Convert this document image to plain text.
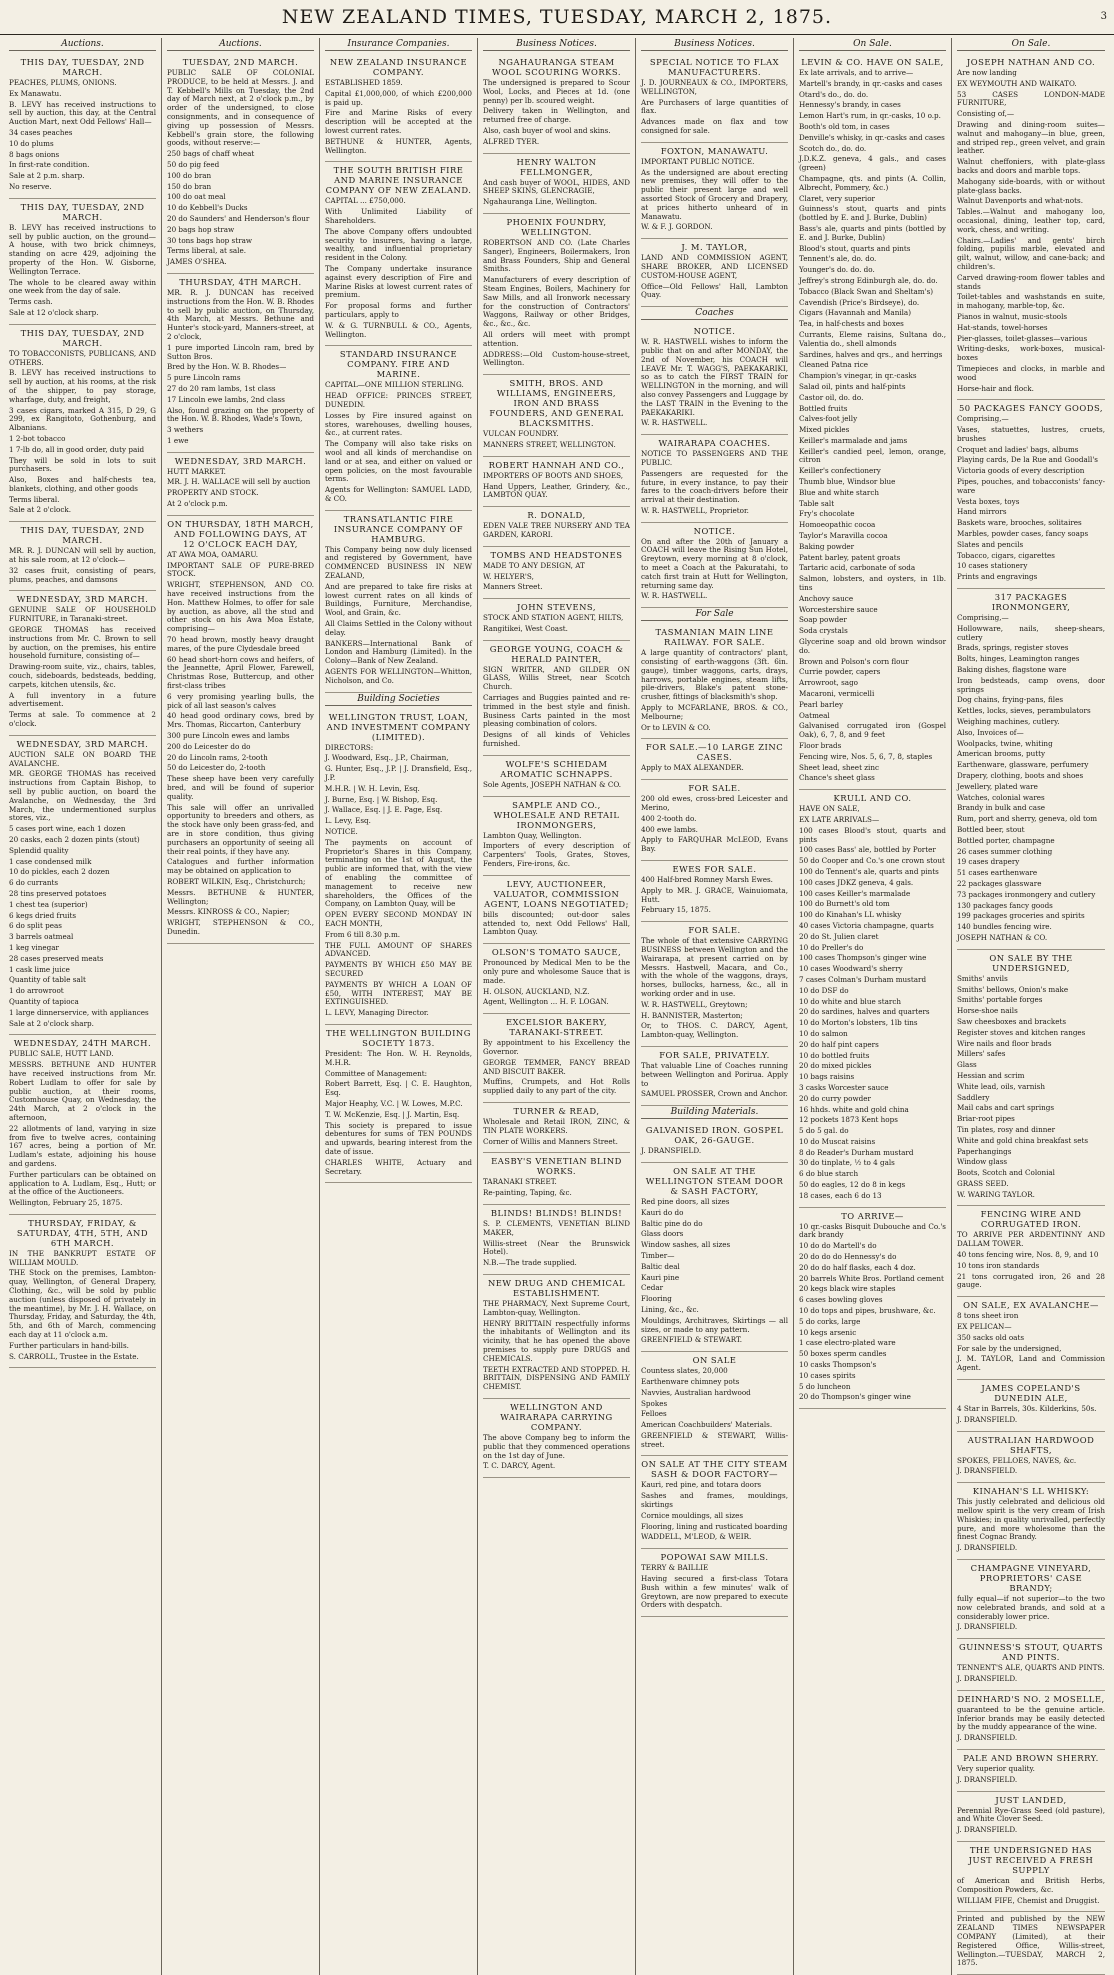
NEW ZEALAND TIMES, TUESDAY, MARCH 2, 1875.	3
Auctions.
THIS DAY, TUESDAY, 2ND MARCH.

PEACHES, PLUMS, ONIONS.

Ex Manawatu.

B. LEVY has received instructions to sell by auction, this day, at the Central Auction Mart, next Odd Fellows' Hall—

34 cases peaches

10 do plums

8 bags onions

In first-rate condition.

Sale at 2 p.m. sharp.

No reserve.

THIS DAY, TUESDAY, 2ND MARCH.

B. LEVY has received instructions to sell by public auction, on the ground— A house, with two brick chimneys, standing on acre 429, adjoining the property of the Hon. W. Gisborne, Wellington Terrace.

The whole to be cleared away within one week from the day of sale.

Terms cash.

Sale at 12 o'clock sharp.

THIS DAY, TUESDAY, 2ND MARCH.

TO TOBACCONISTS, PUBLICANS, AND OTHERS.

B. LEVY has received instructions to sell by auction, at his rooms, at the risk of the shipper, to pay storage, wharfage, duty, and freight,

3 cases cigars, marked A 315, D 29, G 299, ex Rangitoto, Gothenburg, and Albanians.

1 2-bot tobacco

1 7-lb do, all in good order, duty paid

They will be sold in lots to suit purchasers.

Also, Boxes and half-chests tea, blankets, clothing, and other goods

Terms liberal.

Sale at 2 o'clock.

THIS DAY, TUESDAY, 2ND MARCH.

MR. R. J. DUNCAN will sell by auction, at his sale room, at 12 o'clock—

32 cases fruit, consisting of pears, plums, peaches, and damsons

WEDNESDAY, 3RD MARCH.

GENUINE SALE OF HOUSEHOLD FURNITURE, in Taranaki-street.

GEORGE THOMAS has received instructions from Mr. C. Brown to sell by auction, on the premises, his entire household furniture, consisting of—

Drawing-room suite, viz., chairs, tables, couch, sideboards, bedsteads, bedding, carpets, kitchen utensils, &c.

A full inventory in a future advertisement.

Terms at sale. To commence at 2 o'clock.

WEDNESDAY, 3RD MARCH.

AUCTION SALE ON BOARD THE AVALANCHE.

MR. GEORGE THOMAS has received instructions from Captain Bishop, to sell by public auction, on board the Avalanche, on Wednesday, the 3rd March, the undermentioned surplus stores, viz.,

5 cases port wine, each 1 dozen

20 casks, each 2 dozen pints (stout)

Splendid quality

1 case condensed milk

10 do pickles, each 2 dozen

6 do currants

28 tins preserved potatoes

1 chest tea (superior)

6 kegs dried fruits

6 do split peas

3 barrels oatmeal

1 keg vinegar

28 cases preserved meats

1 cask lime juice

Quantity of table salt

1 do arrowroot

Quantity of tapioca

1 large dinnerservice, with appliances

Sale at 2 o'clock sharp.

WEDNESDAY, 24TH MARCH.

PUBLIC SALE, HUTT LAND.

MESSRS. BETHUNE AND HUNTER have received instructions from Mr. Robert Ludlam to offer for sale by public auction, at their rooms, Customhouse Quay, on Wednesday, the 24th March, at 2 o'clock in the afternoon,

22 allotments of land, varying in size from five to twelve acres, containing 167 acres, being a portion of Mr. Ludlam's estate, adjoining his house and gardens.

Further particulars can be obtained on application to A. Ludlam, Esq., Hutt; or at the office of the Auctioneers.

Wellington, February 25, 1875.

THURSDAY, FRIDAY, & SATURDAY, 4TH, 5TH, AND 6TH MARCH.

IN THE BANKRUPT ESTATE OF WILLIAM MOULD.

THE Stock on the premises, Lambton-quay, Wellington, of General Drapery, Clothing, &c., will be sold by public auction (unless disposed of privately in the meantime), by Mr. J. H. Wallace, on Thursday, Friday, and Saturday, the 4th, 5th, and 6th of March, commencing each day at 11 o'clock a.m.

Further particulars in hand-bills.

S. CARROLL, Trustee in the Estate.

Auctions.
TUESDAY, 2ND MARCH.

PUBLIC SALE OF COLONIAL PRODUCE, to be held at Messrs. J. and T. Kebbell's Mills on Tuesday, the 2nd day of March next, at 2 o'clock p.m., by order of the undersigned, to close consignments, and in consequence of giving up possession of Messrs. Kebbell's grain store, the following goods, without reserve:—

250 bags of chaff wheat

50 do pig feed

100 do bran

150 do bran

100 do oat meal

10 do Kebbell's Ducks

20 do Saunders' and Henderson's flour

20 bags hop straw

30 tons bags hop straw

Terms liberal, at sale.

JAMES O'SHEA.

THURSDAY, 4TH MARCH.

MR. R. J. DUNCAN has received instructions from the Hon. W. B. Rhodes to sell by public auction, on Thursday, 4th March, at Messrs. Bethune and Hunter's stock-yard, Manners-street, at 2 o'clock,

1 pure imported Lincoln ram, bred by Sutton Bros.

Bred by the Hon. W. B. Rhodes—

5 pure Lincoln rams

27 do 20 ram lambs, 1st class

17 Lincoln ewe lambs, 2nd class

Also, found grazing on the property of the Hon. W. B. Rhodes, Wade's Town,

3 wethers

1 ewe

WEDNESDAY, 3RD MARCH.

HUTT MARKET.

MR. J. H. WALLACE will sell by auction

PROPERTY AND STOCK.

At 2 o'clock p.m.

ON THURSDAY, 18TH MARCH, AND FOLLOWING DAYS, AT 12 O'CLOCK EACH DAY,

AT AWA MOA, OAMARU.

IMPORTANT SALE OF PURE-BRED STOCK.

WRIGHT, STEPHENSON, AND CO. have received instructions from the Hon. Matthew Holmes, to offer for sale by auction, as above, all the stud and other stock on his Awa Moa Estate, comprising—

70 head brown, mostly heavy draught mares, of the pure Clydesdale breed

60 head short-horn cows and heifers, of the Jeannette, April Flower, Farewell, Christmas Rose, Buttercup, and other first-class tribes

6 very promising yearling bulls, the pick of all last season's calves

40 head good ordinary cows, bred by Mrs. Thomas, Riccarton, Canterbury

300 pure Lincoln ewes and lambs

200 do Leicester do do

20 do Lincoln rams, 2-tooth

50 do Leicester do, 2-tooth

These sheep have been very carefully bred, and will be found of superior quality.

This sale will offer an unrivalled opportunity to breeders and others, as the stock have only been grass-fed, and are in store condition, thus giving purchasers an opportunity of seeing all their real points, if they have any.

Catalogues and further information may be obtained on application to

ROBERT WILKIN, Esq., Christchurch;

Messrs. BETHUNE & HUNTER, Wellington;

Messrs. KINROSS & CO., Napier;

WRIGHT, STEPHENSON & CO., Dunedin.

Insurance Companies.
NEW ZEALAND INSURANCE COMPANY.

ESTABLISHED 1859.

Capital £1,000,000, of which £200,000 is paid up.

Fire and Marine Risks of every description will be accepted at the lowest current rates.

BETHUNE & HUNTER, Agents, Wellington.

THE SOUTH BRITISH FIRE AND MARINE INSURANCE COMPANY OF NEW ZEALAND.

CAPITAL ... £750,000.

With Unlimited Liability of Shareholders.

The above Company offers undoubted security to insurers, having a large, wealthy, and influential proprietary resident in the Colony.

The Company undertake insurance against every description of Fire and Marine Risks at lowest current rates of premium.

For proposal forms and further particulars, apply to

W. & G. TURNBULL & CO., Agents, Wellington.

STANDARD INSURANCE COMPANY. FIRE AND MARINE.

CAPITAL—ONE MILLION STERLING.

HEAD OFFICE: PRINCES STREET, DUNEDIN.

Losses by Fire insured against on stores, warehouses, dwelling houses, &c., at current rates.

The Company will also take risks on wool and all kinds of merchandise on land or at sea, and either on valued or open policies, on the most favourable terms.

Agents for Wellington: SAMUEL LADD, & CO.

TRANSATLANTIC FIRE INSURANCE COMPANY OF HAMBURG.

This Company being now duly licensed and registered by Government, have COMMENCED BUSINESS IN NEW ZEALAND,

And are prepared to take fire risks at lowest current rates on all kinds of Buildings, Furniture, Merchandise, Wool, and Grain, &c.

All Claims Settled in the Colony without delay.

BANKERS—International Bank of London and Hamburg (Limited). In the Colony—Bank of New Zealand.

AGENTS FOR WELLINGTON—Whitton, Nicholson, and Co.

Building Societies
WELLINGTON TRUST, LOAN, AND INVESTMENT COMPANY (LIMITED).

DIRECTORS:

J. Woodward, Esq., J.P., Chairman,

G. Hunter, Esq., J.P. | J. Dransfield, Esq., J.P.

M.H.R. | W. H. Levin, Esq.

J. Burne, Esq. | W. Bishop, Esq.

J. Wallace, Esq. | J. E. Page, Esq.

L. Levy, Esq.

NOTICE.

The payments on account of Proprietor's Shares in this Company, terminating on the 1st of August, the public are informed that, with the view of enabling the committee of management to receive new shareholders, the Offices of the Company, on Lambton Quay, will be

OPEN EVERY SECOND MONDAY IN EACH MONTH,

From 6 till 8.30 p.m.

THE FULL AMOUNT OF SHARES ADVANCED.

PAYMENTS BY WHICH £50 MAY BE SECURED

PAYMENTS BY WHICH A LOAN OF £50, WITH INTEREST, MAY BE EXTINGUISHED.

L. LEVY, Managing Director.

THE WELLINGTON BUILDING SOCIETY 1873.

President: The Hon. W. H. Reynolds, M.H.R.

Committee of Management:

Robert Barrett, Esq. | C. E. Haughton, Esq.

Major Heaphy, V.C. | W. Lowes, M.P.C.

T. W. McKenzie, Esq. | J. Martin, Esq.

This society is prepared to issue debentures for sums of TEN POUNDS and upwards, bearing interest from the date of issue.

CHARLES WHITE, Actuary and Secretary.

Business Notices.
NGAHAURANGA STEAM WOOL SCOURING WORKS.

The undersigned is prepared to Scour Wool, Locks, and Pieces at 1d. (one penny) per lb. scoured weight.

Delivery taken in Wellington, and returned free of charge.

Also, cash buyer of wool and skins.

ALFRED TYER.

HENRY WALTON FELLMONGER,

And cash buyer of WOOL, HIDES, AND SHEEP SKINS, GLENCRAGIE,

Ngahauranga Line, Wellington.

PHOENIX FOUNDRY, WELLINGTON.

ROBERTSON AND CO. (Late Charles Sanger), Engineers, Boilermakers, Iron and Brass Founders, Ship and General Smiths.

Manufacturers of every description of Steam Engines, Boilers, Machinery for Saw Mills, and all Ironwork necessary for the construction of Contractors' Waggons, Railway or other Bridges, &c., &c., &c.

All orders will meet with prompt attention.

ADDRESS:—Old Custom-house-street, Wellington.

SMITH, BROS. AND WILLIAMS, ENGINEERS, IRON AND BRASS FOUNDERS, AND GENERAL BLACKSMITHS.

VULCAN FOUNDRY.

MANNERS STREET, WELLINGTON.

ROBERT HANNAH AND CO.,

IMPORTERS OF BOOTS AND SHOES,

Hand Uppers, Leather, Grindery, &c., LAMBTON QUAY.

R. DONALD,

EDEN VALE TREE NURSERY AND TEA GARDEN, KARORI.

TOMBS AND HEADSTONES

MADE TO ANY DESIGN, AT

W. HELYER'S,

Manners Street.

JOHN STEVENS,

STOCK AND STATION AGENT, HILTS,

Rangitikei, West Coast.

GEORGE YOUNG, COACH & HERALD PAINTER,

SIGN WRITER, AND GILDER ON GLASS, Willis Street, near Scotch Church.

Carriages and Buggies painted and re-trimmed in the best style and finish. Business Carts painted in the most pleasing combination of colors.

Designs of all kinds of Vehicles furnished.

WOLFE'S SCHIEDAM AROMATIC SCHNAPPS.

Sole Agents, JOSEPH NATHAN & CO.

SAMPLE AND CO., WHOLESALE AND RETAIL IRONMONGERS,

Lambton Quay, Wellington.

Importers of every description of Carpenters' Tools, Grates, Stoves, Fenders, Fire-irons, &c.

LEVY, AUCTIONEER, VALUATOR, COMMISSION AGENT, LOANS NEGOTIATED;

bills discounted; out-door sales attended to, next Odd Fellows' Hall, Lambton Quay.

OLSON'S TOMATO SAUCE,

Pronounced by Medical Men to be the only pure and wholesome Sauce that is made.

H. OLSON, AUCKLAND, N.Z.

Agent, Wellington ... H. F. LOGAN.

EXCELSIOR BAKERY, TARANAKI-STREET.

By appointment to his Excellency the Governor.

GEORGE TEMMER, FANCY BREAD AND BISCUIT BAKER.

Muffins, Crumpets, and Hot Rolls supplied daily to any part of the city.

TURNER & READ,

Wholesale and Retail IRON, ZINC, & TIN PLATE WORKERS.

Corner of Willis and Manners Street.

EASBY'S VENETIAN BLIND WORKS.

TARANAKI STREET.

Re-painting, Taping, &c.

BLINDS! BLINDS! BLINDS!

S. P. CLEMENTS, VENETIAN BLIND MAKER,

Willis-street (Near the Brunswick Hotel).

N.B.—The trade supplied.

NEW DRUG AND CHEMICAL ESTABLISHMENT.

THE PHARMACY, Next Supreme Court, Lambton-quay, Wellington.

HENRY BRITTAIN respectfully informs the inhabitants of Wellington and its vicinity, that he has opened the above premises to supply pure DRUGS and CHEMICALS.

TEETH EXTRACTED AND STOPPED. H. BRITTAIN, DISPENSING AND FAMILY CHEMIST.

WELLINGTON AND WAIRARAPA CARRYING COMPANY.

The above Company beg to inform the public that they commenced operations on the 1st day of June.

T. C. DARCY, Agent.

Business Notices.
SPECIAL NOTICE TO FLAX MANUFACTURERS.

J. D. JOURNEAUX & CO., IMPORTERS, WELLINGTON,

Are Purchasers of large quantities of flax.

Advances made on flax and tow consigned for sale.

FOXTON, MANAWATU.

IMPORTANT PUBLIC NOTICE.

As the undersigned are about erecting new premises, they will offer to the public their present large and well assorted Stock of Grocery and Drapery, at prices hitherto unheard of in Manawatu.

W. & F. J. GORDON.

J. M. TAYLOR,

LAND AND COMMISSION AGENT, SHARE BROKER, AND LICENSED CUSTOM-HOUSE AGENT,

Office—Old Fellows' Hall, Lambton Quay.

Coaches
NOTICE.

W. R. HASTWELL wishes to inform the public that on and after MONDAY, the 2nd of November, his COACH will LEAVE Mr. T. WAGG'S, PAEKAKARIKI, so as to catch the FIRST TRAIN for WELLINGTON in the morning, and will also convey Passengers and Luggage by the LAST TRAIN in the Evening to the PAEKAKARIKI.

W. R. HASTWELL.

WAIRARAPA COACHES.

NOTICE TO PASSENGERS AND THE PUBLIC.

Passengers are requested for the future, in every instance, to pay their fares to the coach-drivers before their arrival at their destination.

W. R. HASTWELL, Proprietor.

NOTICE.

On and after the 20th of January a COACH will leave the Rising Sun Hotel, Greytown, every morning at 8 o'clock, to meet a Coach at the Pakuratahi, to catch first train at Hutt for Wellington, returning same day.

W. R. HASTWELL.

For Sale
TASMANIAN MAIN LINE RAILWAY. FOR SALE.

A large quantity of contractors' plant, consisting of earth-waggons (3ft. 6in. gauge), timber waggons, carts, drays, harrows, portable engines, steam lifts, pile-drivers, Blake's patent stone-crusher, fittings of blacksmith's shop.

Apply to MCFARLANE, BROS. & CO., Melbourne;

Or to LEVIN & CO.

FOR SALE.—10 LARGE ZINC CASES.

Apply to MAX ALEXANDER.

FOR SALE.

200 old ewes, cross-bred Leicester and Merino,

400 2-tooth do.

400 ewe lambs.

Apply to FARQUHAR McLEOD, Evans Bay.

EWES FOR SALE.

400 Half-bred Romney Marsh Ewes.

Apply to MR. J. GRACE, Wainuiomata, Hutt.

February 15, 1875.

FOR SALE.

The whole of that extensive CARRYING BUSINESS between Wellington and the Wairarapa, at present carried on by Messrs. Hastwell, Macara, and Co., with the whole of the waggons, drays, horses, bullocks, harness, &c., all in working order and in use.

W. R. HASTWELL, Greytown;

H. BANNISTER, Masterton;

Or, to THOS. C. DARCY, Agent, Lambton-quay, Wellington.

FOR SALE, PRIVATELY.

That valuable Line of Coaches running between Wellington and Porirua. Apply to

SAMUEL PROSSER, Crown and Anchor.

Building Materials.
GALVANISED IRON. GOSPEL OAK, 26-GAUGE.

J. DRANSFIELD.

ON SALE AT THE WELLINGTON STEAM DOOR & SASH FACTORY,

Red pine doors, all sizes

Kauri do do

Baltic pine do do

Glass doors

Window sashes, all sizes

Timber—

Baltic deal

Kauri pine

Cedar

Flooring

Lining, &c., &c.

Mouldings, Architraves, Skirtings — all sizes, or made to any pattern.

GREENFIELD & STEWART.

ON SALE

Countess slates, 20,000

Earthenware chimney pots

Navvies, Australian hardwood

Spokes

Felloes

American Coachbuilders' Materials.

GREENFIELD & STEWART, Willis-street.

ON SALE AT THE CITY STEAM SASH & DOOR FACTORY—

Kauri, red pine, and totara doors

Sashes and frames, mouldings, skirtings

Cornice mouldings, all sizes

Flooring, lining and rusticated boarding

WADDELL, M'LEOD, & WEIR.

POPOWAI SAW MILLS.

TERRY & BAILLIE

Having secured a first-class Totara Bush within a few minutes' walk of Greytown, are now prepared to execute Orders with despatch.

On Sale.
LEVIN & CO. HAVE ON SALE,

Ex late arrivals, and to arrive—

Martell's brandy, in qr.-casks and cases

Otard's do., do. do.

Hennessy's brandy, in cases

Lemon Hart's rum, in qr.-casks, 10 o.p.

Booth's old tom, in cases

Denville's whisky, in qr.-casks and cases

Scotch do., do. do.

J.D.K.Z. geneva, 4 gals., and cases (green)

Champagne, qts. and pints (A. Collin, Albrecht, Pommery, &c.)

Claret, very superior

Guinness's stout, quarts and pints (bottled by E. and J. Burke, Dublin)

Bass's ale, quarts and pints (bottled by E. and J. Burke, Dublin)

Blood's stout, quarts and pints

Tennent's ale, do. do.

Younger's do. do. do.

Jeffrey's strong Edinburgh ale, do. do.

Tobacco (Black Swan and Sheltam's)

Cavendish (Price's Birdseye), do.

Cigars (Havannah and Manila)

Tea, in half-chests and boxes

Currants, Eleme raisins, Sultana do., Valentia do., shell almonds

Sardines, halves and qrs., and herrings

Cleaned Patna rice

Champion's vinegar, in qr.-casks

Salad oil, pints and half-pints

Castor oil, do. do.

Bottled fruits

Calves-foot jelly

Mixed pickles

Keiller's marmalade and jams

Keiller's candied peel, lemon, orange, citron

Keiller's confectionery

Thumb blue, Windsor blue

Blue and white starch

Table salt

Fry's chocolate

Homoeopathic cocoa

Taylor's Maravilla cocoa

Baking powder

Patent barley, patent groats

Tartaric acid, carbonate of soda

Salmon, lobsters, and oysters, in 1lb. tins

Anchovy sauce

Worcestershire sauce

Soap powder

Soda crystals

Glycerine soap and old brown windsor do.

Brown and Polson's corn flour

Currie powder, capers

Arrowroot, sago

Macaroni, vermicelli

Pearl barley

Oatmeal

Galvanised corrugated iron (Gospel Oak), 6, 7, 8, and 9 feet

Floor brads

Fencing wire, Nos. 5, 6, 7, 8, staples

Sheet lead, sheet zinc

Chance's sheet glass

KRULL AND CO.

HAVE ON SALE,

EX LATE ARRIVALS—

100 cases Blood's stout, quarts and pints

100 cases Bass' ale, bottled by Porter

50 do Cooper and Co.'s one crown stout

100 do Tennent's ale, quarts and pints

100 cases JDKZ geneva, 4 gals.

100 cases Keiller's marmalade

100 do Burnett's old tom

100 do Kinahan's LL whisky

40 cases Victoria champagne, quarts

20 do St. Julien claret

10 do Preller's do

100 cases Thompson's ginger wine

10 cases Woodward's sherry

7 cases Colman's Durham mustard

10 do DSF do

10 do white and blue starch

20 do sardines, halves and quarters

10 do Morton's lobsters, 1lb tins

10 do salmon

20 do half pint capers

10 do bottled fruits

20 do mixed pickles

10 bags raisins

3 casks Worcester sauce

20 do curry powder

16 hhds. white and gold china

12 pockets 1873 Kent hops

5 do 5 gal. do

10 do Muscat raisins

8 do Reader's Durham mustard

30 do tinplate, ½ to 4 gals

6 do blue starch

50 do eagles, 12 do 8 in kegs

18 cases, each 6 do 13

TO ARRIVE—

10 qr.-casks Bisquit Dubouche and Co.'s dark brandy

10 do do Martell's do

20 do do do Hennessy's do

20 do do half flasks, each 4 doz.

20 barrels White Bros. Portland cement

20 kegs black wire staples

6 cases bowling gloves

10 do tops and pipes, brushware, &c.

5 do corks, large

10 kegs arsenic

1 case electro-plated ware

50 boxes sperm candles

10 casks Thompson's

10 cases spirits

5 do luncheon

20 do Thompson's ginger wine

On Sale.
JOSEPH NATHAN AND CO.

Are now landing

EX WEYMOUTH AND WAIKATO.

53 CASES LONDON-MADE FURNITURE,

Consisting of,—

Drawing and dining-room suites—walnut and mahogany—in blue, green, and striped rep., green velvet, and grain leather.

Walnut cheffoniers, with plate-glass backs and doors and marble tops.

Mahogany side-boards, with or without plate-glass backs.

Walnut Davenports and what-nots.

Tables.—Walnut and mahogany loo, occasional, dining, leather top, card, work, chess, and writing.

Chairs.—Ladies' and gents' birch folding, pupilis marble, elevated and gilt, walnut, willow, and cane-back; and children's.

Carved drawing-room flower tables and stands

Toilet-tables and washstands en suite, in mahogany, marble-top, &c.

Pianos in walnut, music-stools

Hat-stands, towel-horses

Pier-glasses, toilet-glasses—various

Writing-desks, work-boxes, musical-boxes

Timepieces and clocks, in marble and wood

Horse-hair and flock.

50 PACKAGES FANCY GOODS,

Comprising,—

Vases, statuettes, lustres, cruets, brushes

Croquet and ladies' bags, albums

Playing cards, De la Rue and Goodall's

Victoria goods of every description

Pipes, pouches, and tobacconists' fancy-ware

Vesta boxes, toys

Hand mirrors

Baskets ware, brooches, solitaires

Marbles, powder cases, fancy soaps

Slates and pencils

Tobacco, cigars, cigarettes

10 cases stationery

Prints and engravings

317 PACKAGES IRONMONGERY,

Comprising,—

Hollowware, nails, sheep-shears, cutlery

Brads, springs, register stoves

Bolts, hinges, Leamington ranges

Baking dishes, flagstone ware

Iron bedsteads, camp ovens, door springs

Dog chains, frying-pans, files

Kettles, locks, sieves, perambulators

Weighing machines, cutlery.

Also, Invoices of—

Woolpacks, twine, whiting

American brooms, putty

Earthenware, glassware, perfumery

Drapery, clothing, boots and shoes

Jewellery, plated ware

Watches, colonial wares

Brandy in bulk and case

Rum, port and sherry, geneva, old tom

Bottled beer, stout

Bottled porter, champagne

26 cases summer clothing

19 cases drapery

51 cases earthenware

22 packages glassware

73 packages ironmongery and cutlery

130 packages fancy goods

199 packages groceries and spirits

140 bundles fencing wire.

JOSEPH NATHAN & CO.

ON SALE BY THE UNDERSIGNED,

Smiths' anvils

Smiths' bellows, Onion's make

Smiths' portable forges

Horse-shoe nails

Saw cheesboxes and brackets

Register stoves and kitchen ranges

Wire nails and floor brads

Millers' safes

Glass

Hessian and scrim

White lead, oils, varnish

Saddlery

Mail cabs and cart springs

Briar-root pipes

Tin plates, rosy and dinner

White and gold china breakfast sets

Paperhangings

Window glass

Boots, Scotch and Colonial

GRASS SEED.

W. WARING TAYLOR.

FENCING WIRE AND CORRUGATED IRON.

TO ARRIVE PER ARDENTINNY AND DALLAM TOWER.

40 tons fencing wire, Nos. 8, 9, and 10

10 tons iron standards

21 tons corrugated iron, 26 and 28 gauge.

ON SALE, EX AVALANCHE—

8 tons sheet iron

EX PELICAN—

350 sacks old oats

For sale by the undersigned,

J. M. TAYLOR, Land and Commission Agent.

JAMES COPELAND'S DUNEDIN ALE,

4 Star in Barrels, 30s. Kilderkins, 50s.

J. DRANSFIELD.

AUSTRALIAN HARDWOOD SHAFTS,

SPOKES, FELLOES, NAVES, &c.

J. DRANSFIELD.

KINAHAN'S LL WHISKY:

This justly celebrated and delicious old mellow spirit is the very cream of Irish Whiskies; in quality unrivalled, perfectly pure, and more wholesome than the finest Cognac Brandy.

J. DRANSFIELD.

CHAMPAGNE VINEYARD, PROPRIETORS' CASE BRANDY;

fully equal—if not superior—to the two now celebrated brands, and sold at a considerably lower price.

J. DRANSFIELD.

GUINNESS'S STOUT, QUARTS AND PINTS.

TENNENT'S ALE, QUARTS AND PINTS.

J. DRANSFIELD.

DEINHARD'S NO. 2 MOSELLE,

guaranteed to be the genuine article. Inferior brands may be easily detected by the muddy appearance of the wine.

J. DRANSFIELD.

PALE AND BROWN SHERRY.

Very superior quality.

J. DRANSFIELD.

JUST LANDED,

Perennial Rye-Grass Seed (old pasture), and White Clover Seed.

J. DRANSFIELD.

THE UNDERSIGNED HAS JUST RECEIVED A FRESH SUPPLY

of American and British Herbs, Composition Powders, &c.

WILLIAM FIFE, Chemist and Druggist.

Printed and published by the NEW ZEALAND TIMES NEWSPAPER COMPANY (Limited), at their Registered Office, Willis-street, Wellington.—TUESDAY, MARCH 2, 1875.
